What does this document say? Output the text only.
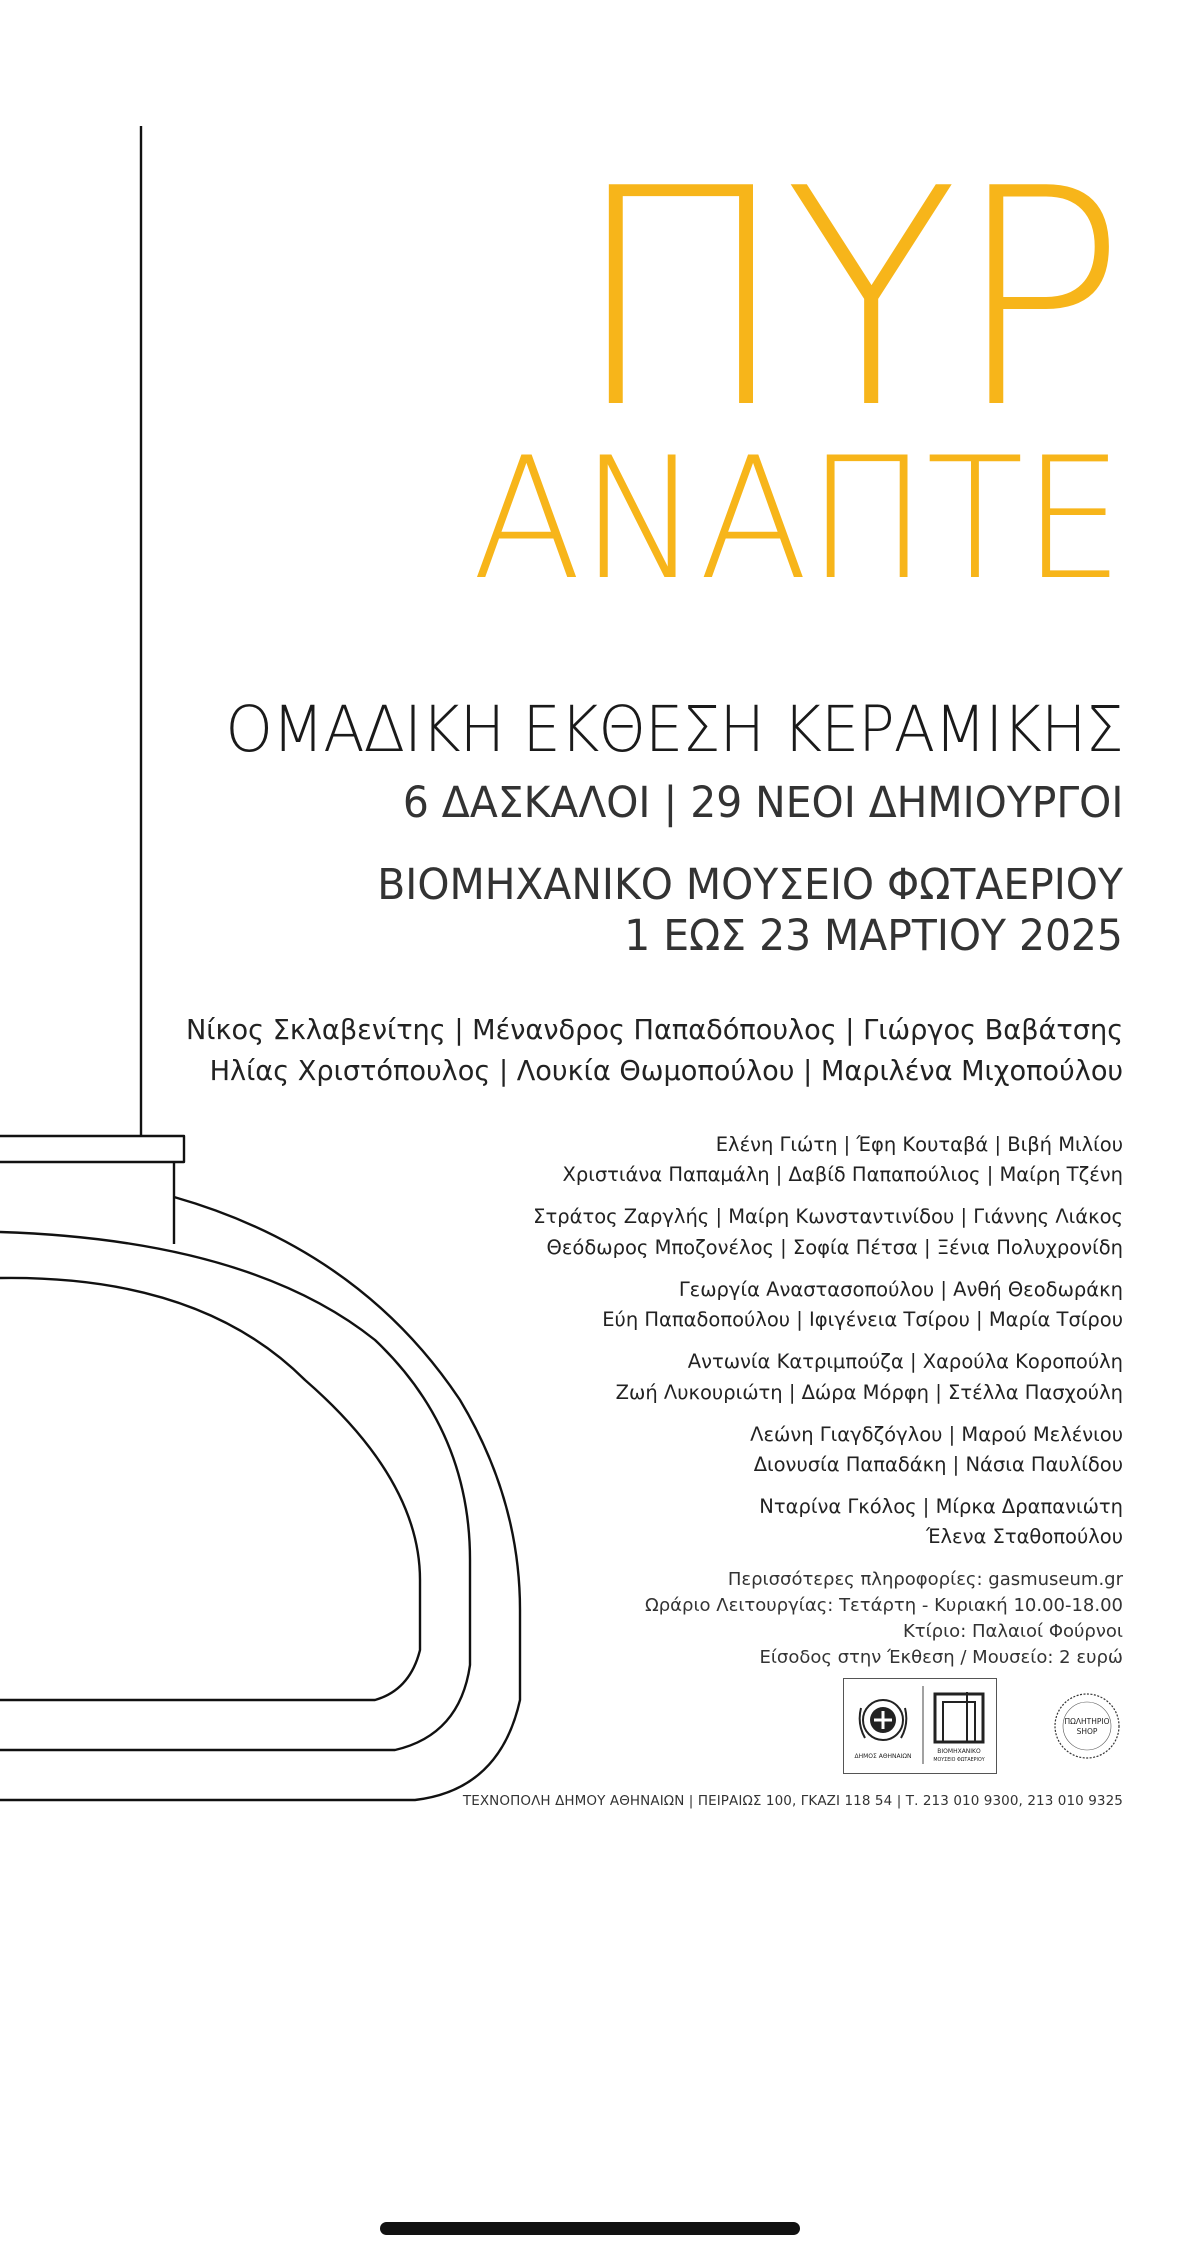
ΠΥΡ
ΑΝΑΠΤΕ
ΟΜΑΔΙΚΗ ΕΚΘΕΣΗ ΚΕΡΑΜΙΚΗΣ
6 ΔΑΣΚΑΛΟΙ | 29 ΝΕΟΙ ΔΗΜΙΟΥΡΓΟΙ
ΒΙΟΜΗΧΑΝΙΚΟ ΜΟΥΣΕΙΟ ΦΩΤΑΕΡΙΟΥ
1 ΕΩΣ 23 ΜΑΡΤΙΟΥ 2025
Νίκος Σκλαβενίτης | Μένανδρος Παπαδόπουλος | Γιώργος Βαβάτσης
Ηλίας Χριστόπουλος | Λουκία Θωμοπούλου | Μαριλένα Μιχοπούλου
Ελένη Γιώτη | Έφη Κουταβά | Βιβή Μιλίου
Χριστιάνα Παπαμάλη | Δαβίδ Παπαπούλιος | Μαίρη Τζένη
Στράτος Ζαργλής | Μαίρη Κωνσταντινίδου | Γιάννης Λιάκος
Θεόδωρος Μποζονέλος | Σοφία Πέτσα | Ξένια Πολυχρονίδη
Γεωργία Αναστασοπούλου | Ανθή Θεοδωράκη
Εύη Παπαδοπούλου | Ιφιγένεια Τσίρου | Μαρία Τσίρου
Αντωνία Κατριμπούζα | Χαρούλα Κοροπούλη
Ζωή Λυκουριώτη | Δώρα Μόρφη | Στέλλα Πασχούλη
Λεώνη Γιαγδζόγλου | Μαρού Μελένιου
Διονυσία Παπαδάκη | Νάσια Παυλίδου
Νταρίνα Γκόλος | Μίρκα Δραπανιώτη
Έλενα Σταθοπούλου
Περισσότερες πληροφορίες: gasmuseum.gr
Ωράριο Λειτουργίας: Τετάρτη - Κυριακή 10.00-18.00
Κτίριο: Παλαιοί Φούρνοι
Είσοδος στην Έκθεση / Μουσείο: 2 ευρώ
ΔΗΜΟΣ ΑΘΗΝΑΙΩΝ
ΒΙΟΜΗΧΑΝΙΚΟ
ΜΟΥΣΕΙΟ ΦΩΤΑΕΡΙΟΥ
ΠΩΛΗΤΗΡΙΟ
SHOP
ΤΕΧΝΟΠΟΛΗ ΔΗΜΟΥ ΑΘΗΝΑΙΩΝ | ΠΕΙΡΑΙΩΣ 100, ΓΚΑΖΙ 118 54 | Τ. 213 010 9300, 213 010 9325
